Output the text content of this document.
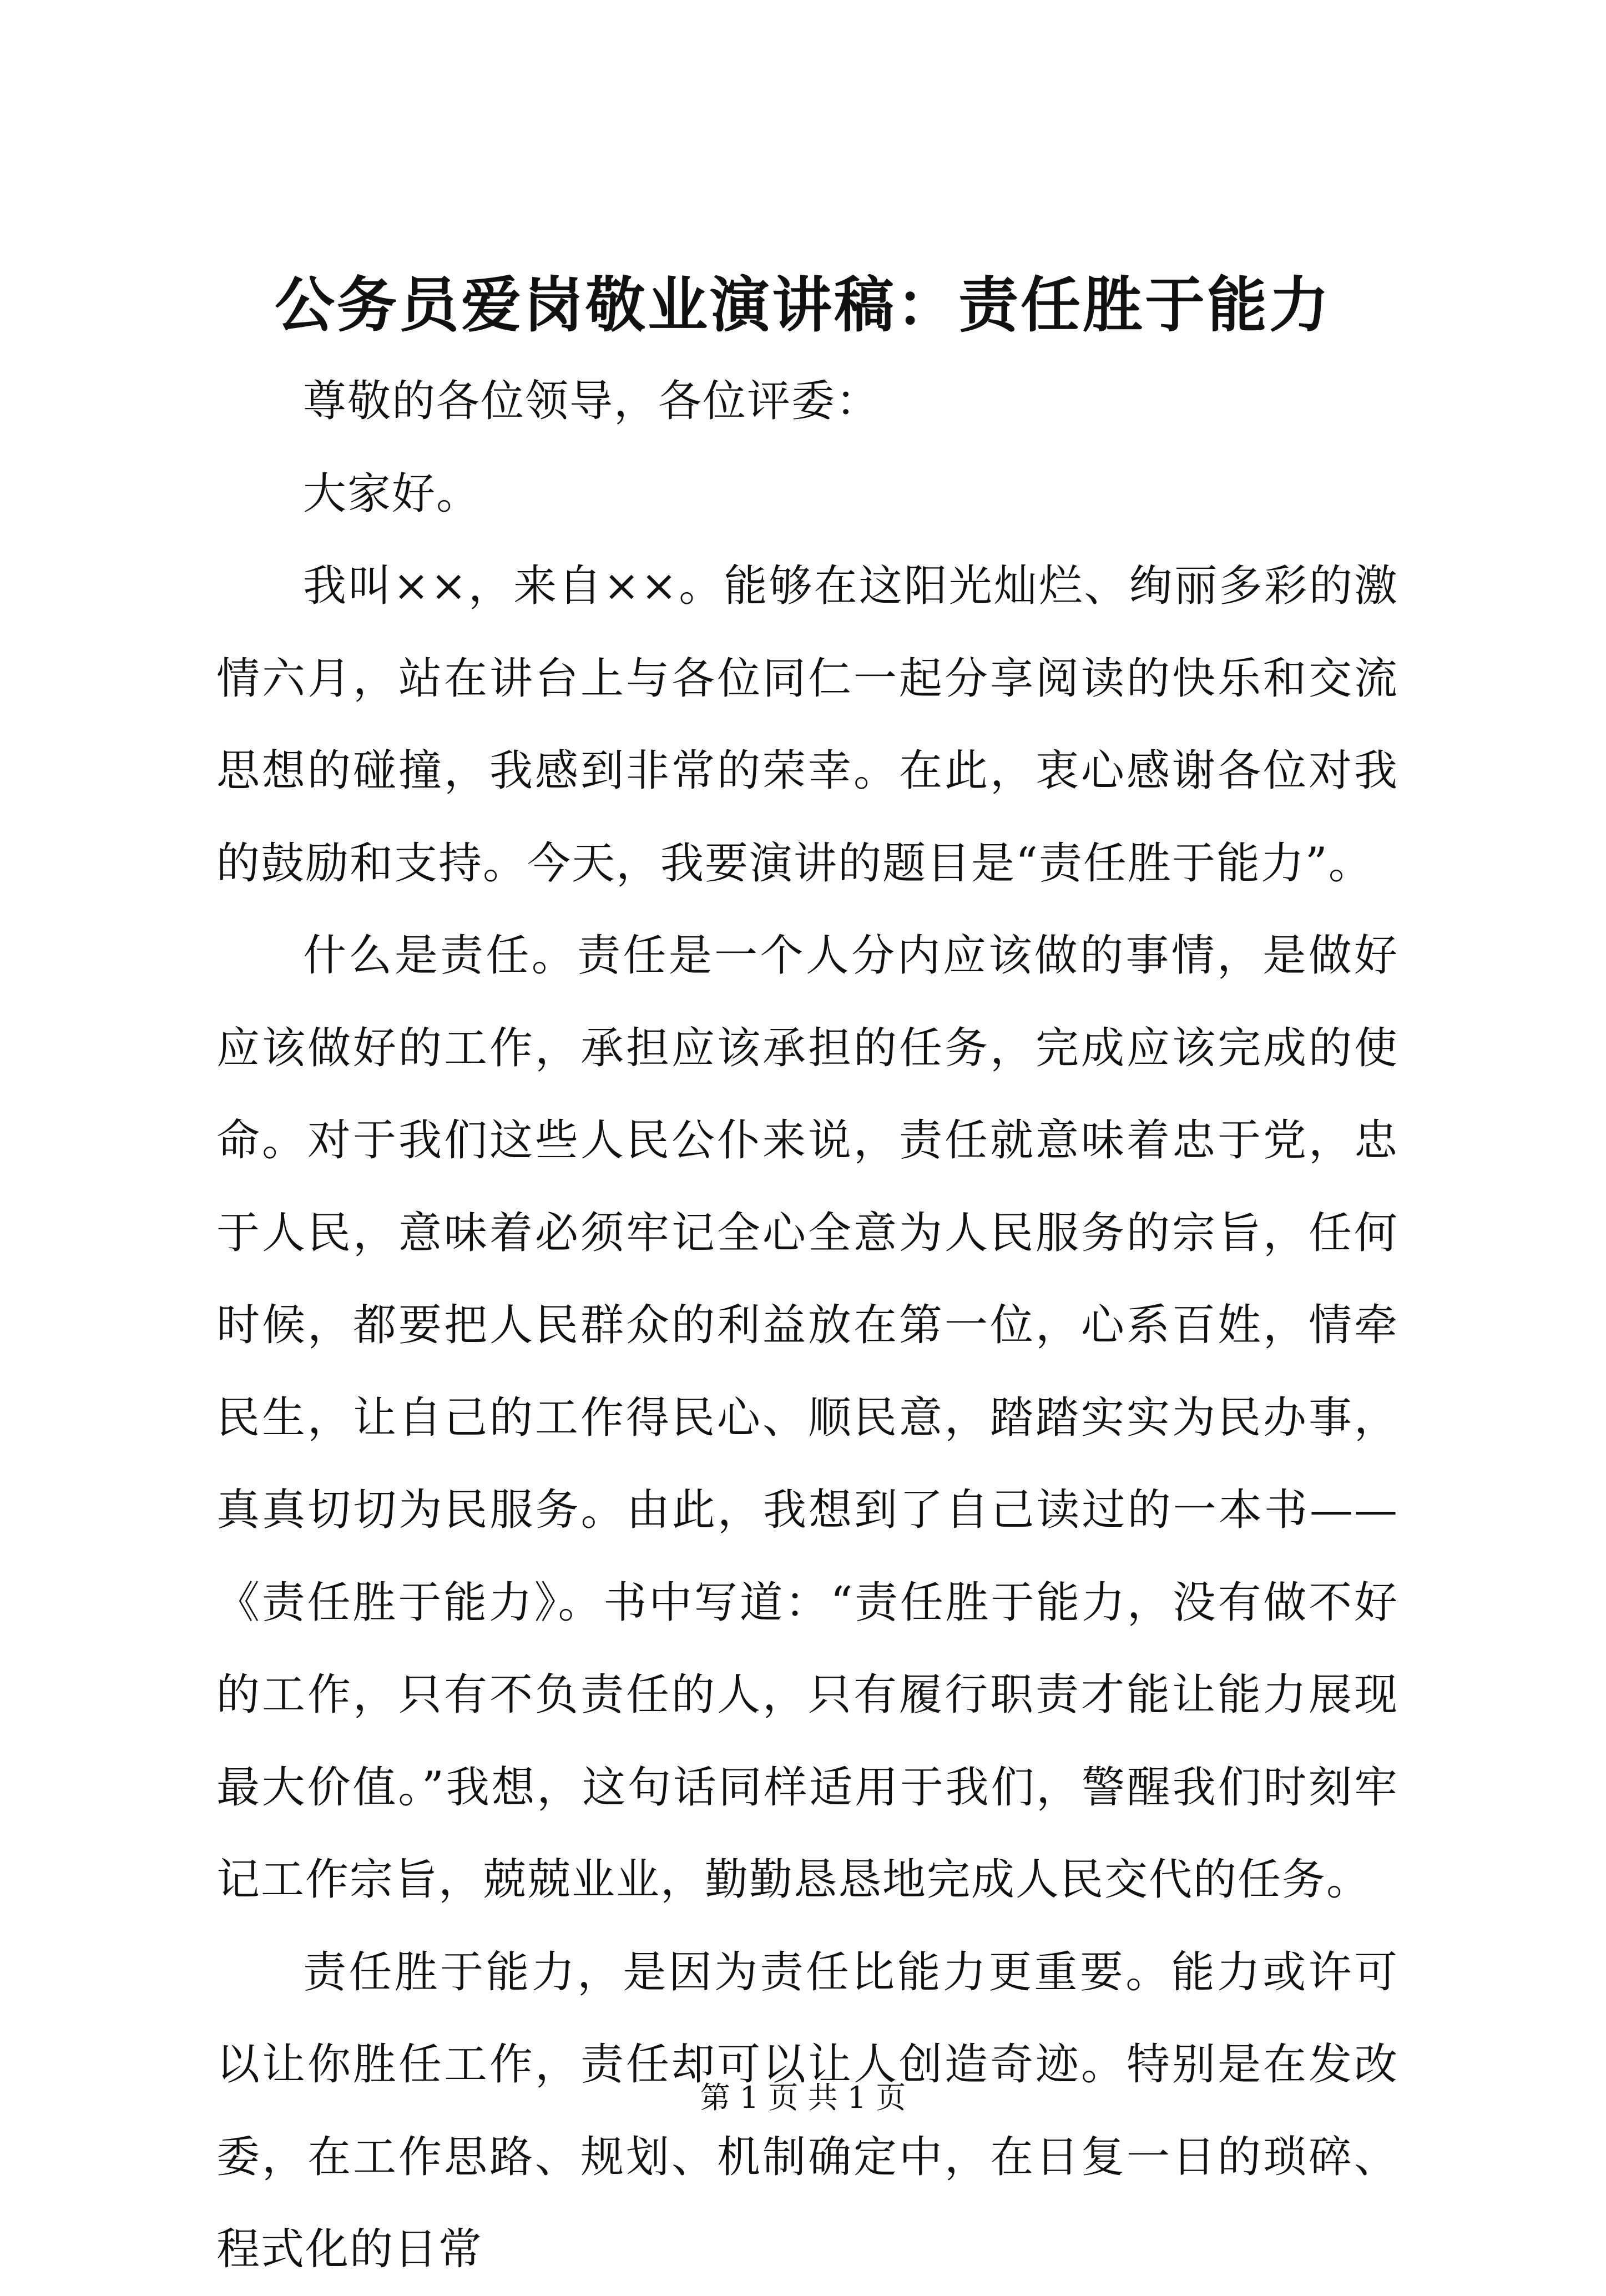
公务员爱岗敬业演讲稿：责任胜于能力

尊敬的各位领导，各位评委：

大家好。

我叫××，来自××。能够在这阳光灿烂、绚丽多彩的激情六月，站在讲台上与各位同仁一起分享阅读的快乐和交流思想的碰撞，我感到非常的荣幸。在此，衷心感谢各位对我的鼓励和支持。今天，我要演讲的题目是“责任胜于能力”。

什么是责任。责任是一个人分内应该做的事情，是做好应该做好的工作，承担应该承担的任务，完成应该完成的使命。对于我们这些人民公仆来说，责任就意味着忠于党，忠于人民，意味着必须牢记全心全意为人民服务的宗旨，任何时候，都要把人民群众的利益放在第一位，心系百姓，情牵民生，让自己的工作得民心、顺民意，踏踏实实为民办事，真真切切为民服务。由此，我想到了自己读过的一本书——《责任胜于能力》。书中写道：“责任胜于能力，没有做不好的工作，只有不负责任的人，只有履行职责才能让能力展现最大价值。”我想，这句话同样适用于我们，警醒我们时刻牢记工作宗旨，兢兢业业，勤勤恳恳地完成人民交代的任务。

责任胜于能力，是因为责任比能力更重要。能力或许可以让你胜任工作，责任却可以让人创造奇迹。特别是在发改委，在工作思路、规划、机制确定中，在日复一日的琐碎、程式化的日常

第 1 页 共 1 页
